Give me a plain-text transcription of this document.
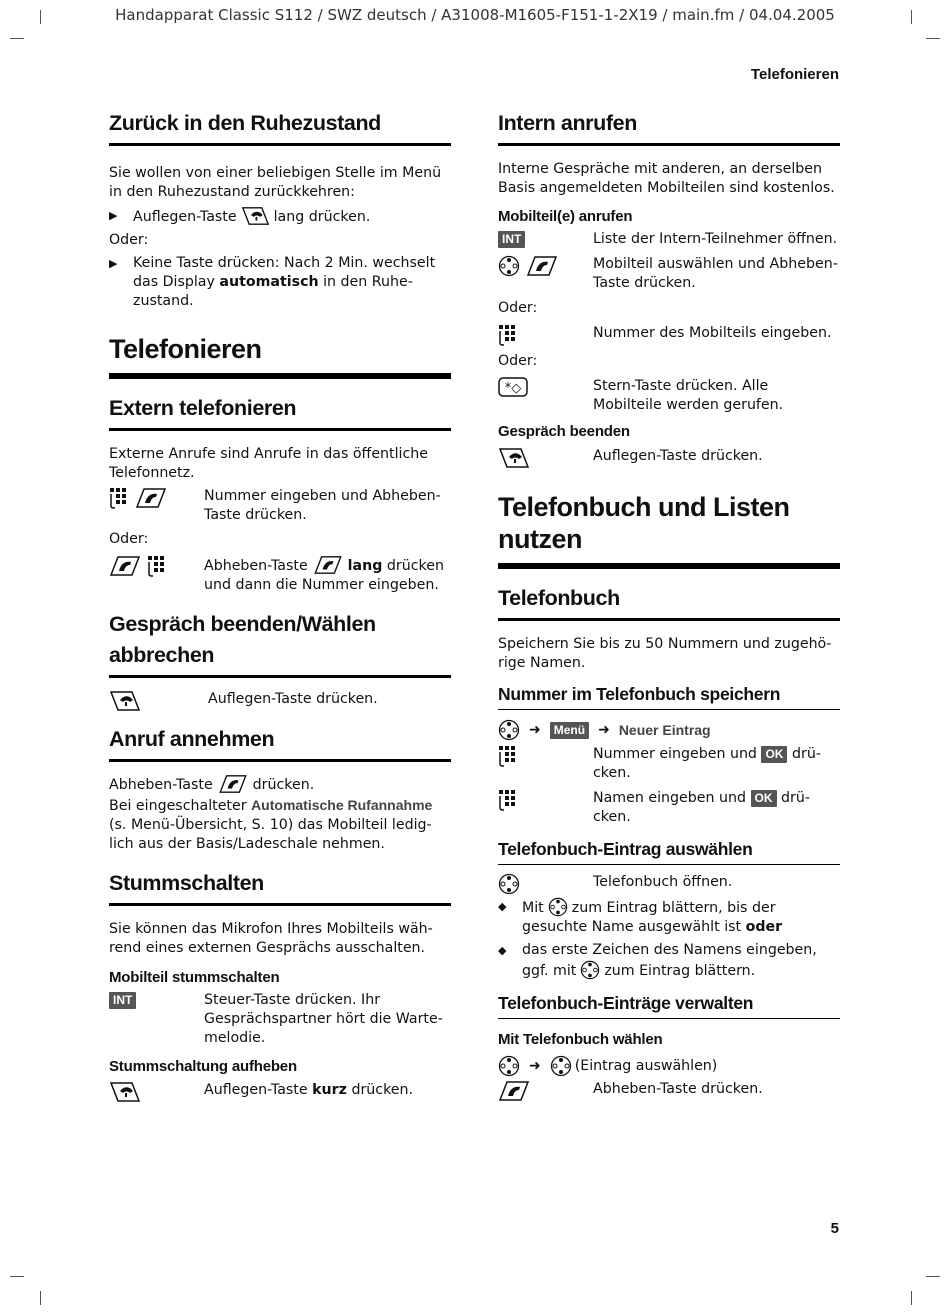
Handapparat Classic S112 / SWZ deutsch / A31008-M1605-F151-1-2X19 / main.fm / 04.04.2005
Telefonieren
Zurück in den Ruhezustand

Sie wollen von einer beliebigen Stelle im Menü in den Ruhezustand zurückkehren:

▶	Auflegen-Taste	lang drücken.

Oder:

▶	Keine Taste drücken: Nach 2 Min. wechselt das Display automatisch in den Ruhezustand.
Telefonieren
Extern telefonieren

Externe Anrufe sind Anrufe in das öffentliche Telefonnetz.

Nummer eingeben und Abheben-Taste drücken.

Oder:

Abheben-Taste	lang drücken und dann die Nummer eingeben.
Gespräch beenden/Wählen abbrechen
Auflegen-Taste drücken.
Anruf annehmen

Abheben-Taste	drücken.

Bei eingeschalteter Automatische Rufannahme (s. Menü-Übersicht, S. 10) das Mobilteil lediglich aus der Basis/Ladeschale nehmen.

Stummschalten

Sie können das Mikrofon Ihres Mobilteils während eines externen Gesprächs ausschalten.

Mobilteil stummschalten
INT	Steuer-Taste drücken. Ihr Gesprächspartner hört die Wartemelodie.
Stummschaltung aufheben
Auflegen-Taste kurz drücken.
Intern anrufen

Interne Gespräche mit anderen, an derselben Basis angemeldeten Mobilteilen sind kostenlos.

Mobilteil(e) anrufen
INT	Liste der Intern-Teilnehmer öffnen.
Mobilteil auswählen und Abheben-Taste drücken.

Oder:

Nummer des Mobilteils eingeben.

Oder:

Stern-Taste drücken. Alle Mobilteile werden gerufen.
Gespräch beenden
Auflegen-Taste drücken.
Telefonbuch und Listen nutzen
Telefonbuch

Speichern Sie bis zu 50 Nummern und zugehörige Namen.

Nummer im Telefonbuch speichern
➜	Menü ➜ Neuer Eintrag
Nummer eingeben und OK drücken.
Namen eingeben und OK drücken.
Telefonbuch-Eintrag auswählen
Telefonbuch öffnen.
◆	Mit zum Eintrag blättern, bis der gesuchte Name ausgewählt ist oder
◆	das erste Zeichen des Namens eingeben, ggf. mit zum Eintrag blättern.
Telefonbuch-Einträge verwalten
Mit Telefonbuch wählen
➜ (Eintrag auswählen)
Abheben-Taste drücken.
5
